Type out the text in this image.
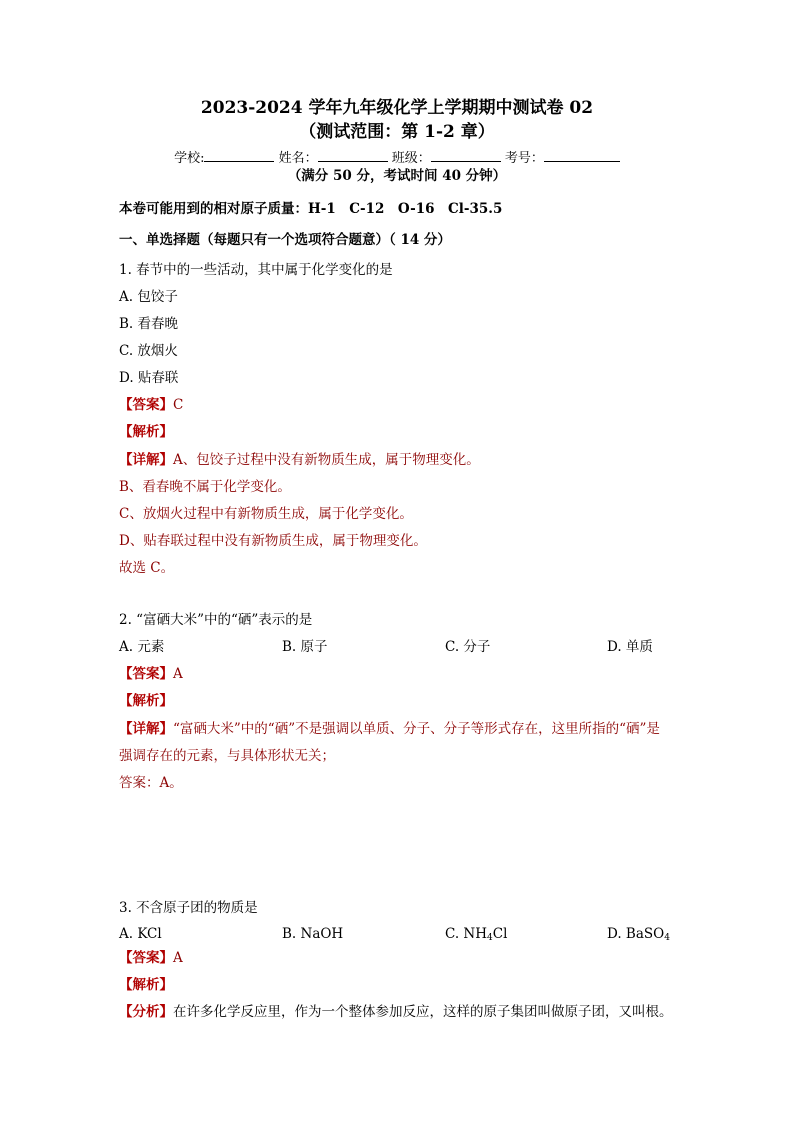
2023-2024 学年九年级化学上学期期中测试卷 02
（测试范围：第 1-2 章）
学校:	姓名：	班级：	考号：
（满分 50 分，考试时间 40 分钟）
本卷可能用到的相对原子质量：H-1　C-12　O-16　Cl-35.5
一、单选择题（每题只有一个选项符合题意）（ 14 分）
1. 春节中的一些活动，其中属于化学变化的是
A. 包饺子
B. 看春晚
C. 放烟火
D. 贴春联
【答案】C
【解析】
【详解】A、包饺子过程中没有新物质生成，属于物理变化。
B、看春晚不属于化学变化。
C、放烟火过程中有新物质生成，属于化学变化。
D、贴春联过程中没有新物质生成，属于物理变化。
故选 C。
2. “富硒大米”中的“硒”表示的是
A. 元素	B. 原子	C. 分子	D. 单质
【答案】A
【解析】
【详解】“富硒大米”中的“硒”不是强调以单质、分子、分子等形式存在，这里所指的“硒”是
强调存在的元素，与具体形状无关；
答案：A。
3. 不含原子团的物质是
A. KCl	B. NaOH	C. $NH_4Cl$	D. BaSO$_4$
【答案】A
【解析】
【分析】在许多化学反应里，作为一个整体参加反应，这样的原子集团叫做原子团，又叫根。
